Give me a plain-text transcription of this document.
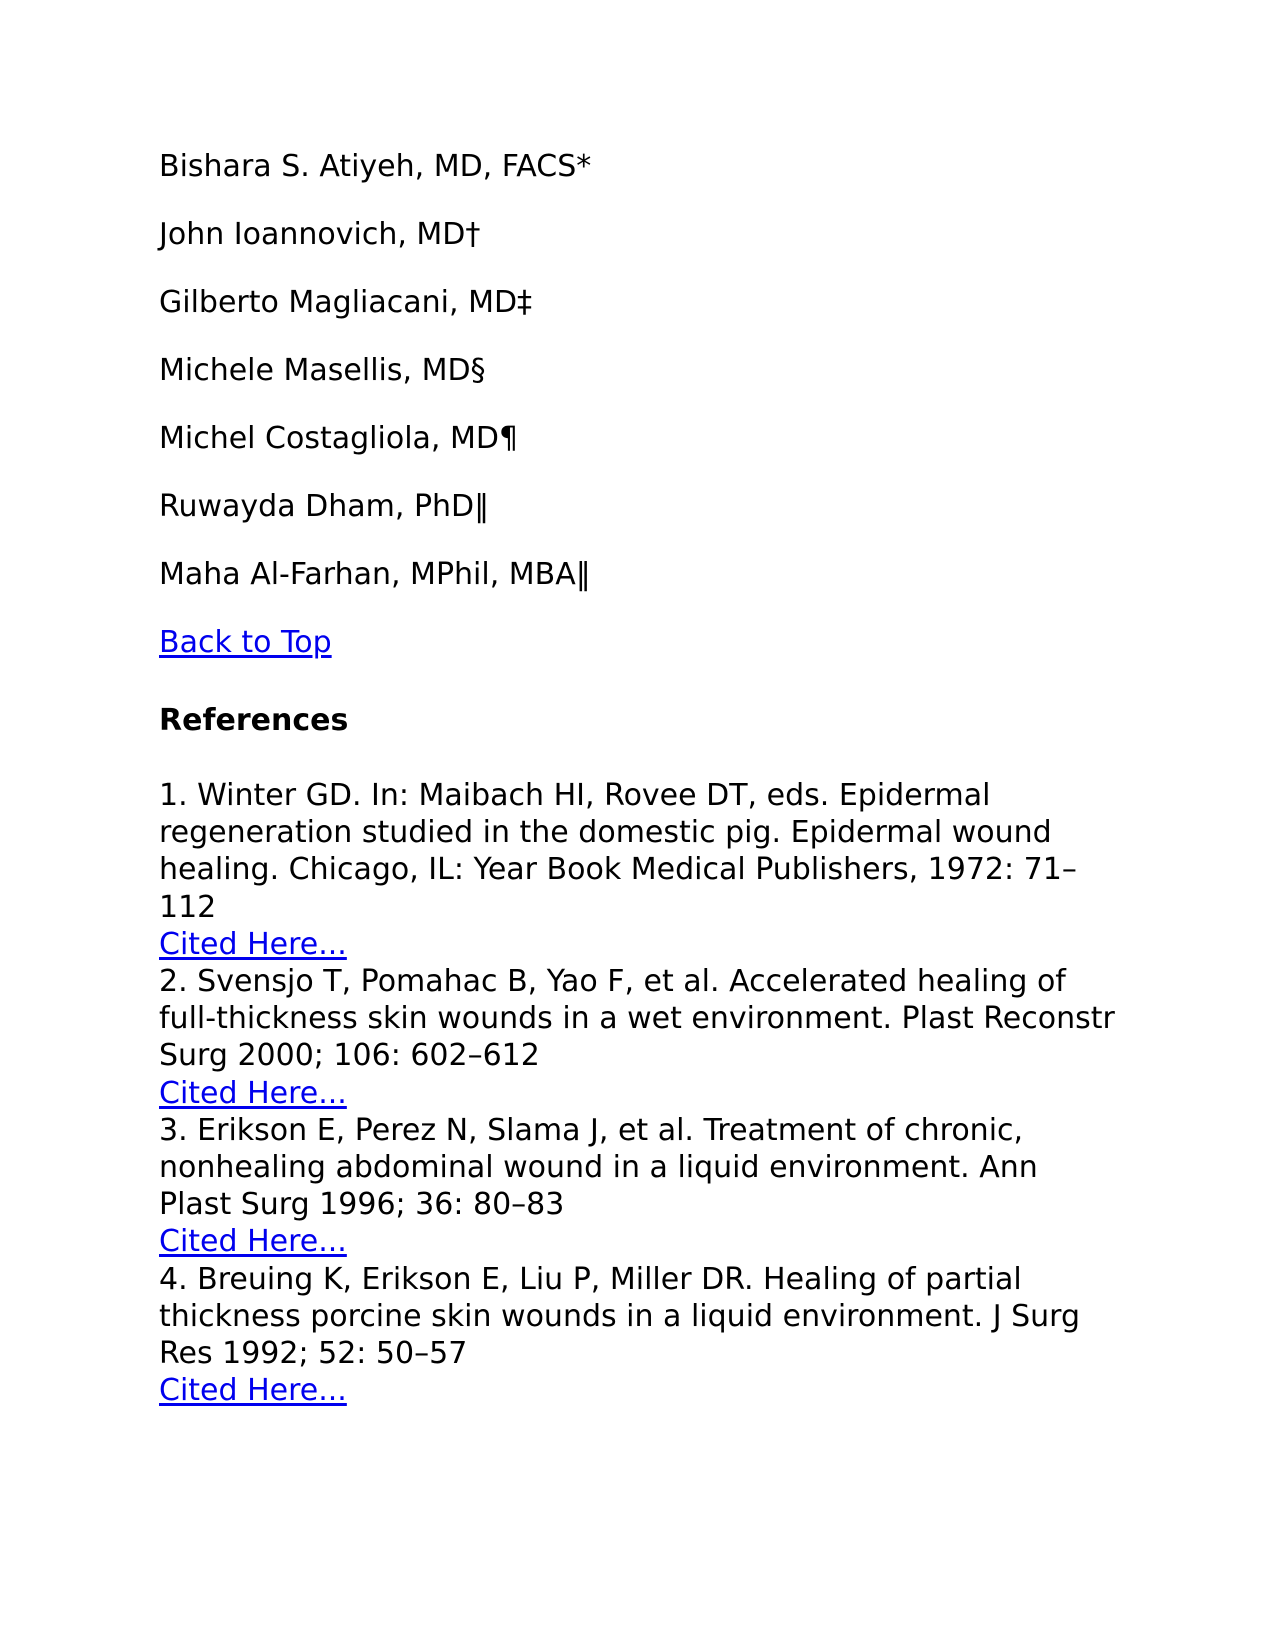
Bishara S. Atiyeh, MD, FACS*
John Ioannovich, MD†
Gilberto Magliacani, MD‡
Michele Masellis, MD§
Michel Costagliola, MD¶
Ruwayda Dham, PhD‖
Maha Al-Farhan, MPhil, MBA‖
Back to Top
References
1. Winter GD. In: Maibach HI, Rovee DT, eds. Epidermal regeneration studied in the domestic pig. Epidermal wound healing. Chicago, IL: Year Book Medical Publishers, 1972: 71–112
Cited Here...
2. Svensjo T, Pomahac B, Yao F, et al. Accelerated healing of full-thickness skin wounds in a wet environment. Plast Reconstr Surg 2000; 106: 602–612
Cited Here...
3. Erikson E, Perez N, Slama J, et al. Treatment of chronic, nonhealing abdominal wound in a liquid environment. Ann Plast Surg 1996; 36: 80–83
Cited Here...
4. Breuing K, Erikson E, Liu P, Miller DR. Healing of partial thickness porcine skin wounds in a liquid environment. J Surg Res 1992; 52: 50–57
Cited Here...
